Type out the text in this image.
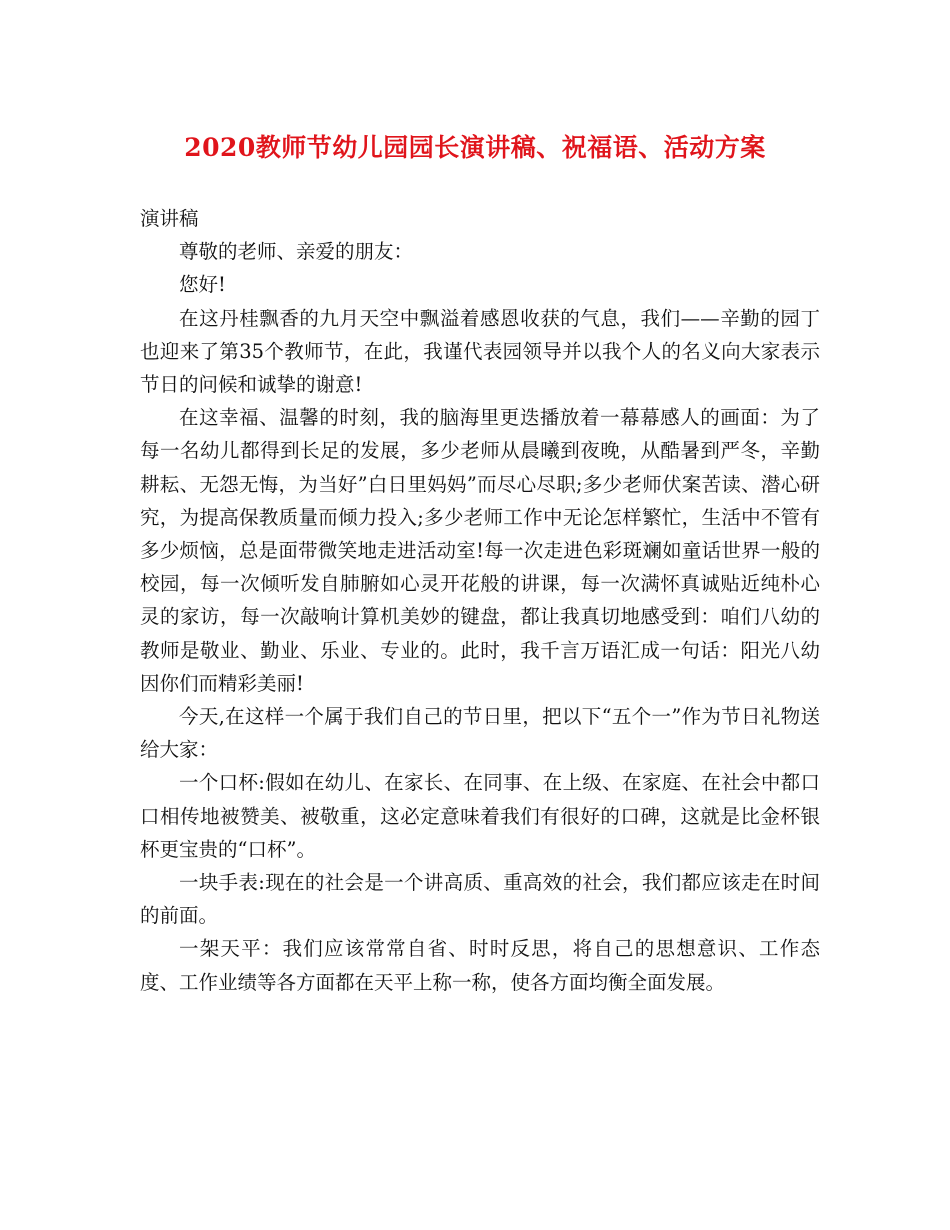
2020教师节幼儿园园长演讲稿、祝福语、活动方案

演讲稿

尊敬的老师、亲爱的朋友：

您好!

在这丹桂飘香的九月天空中飘溢着感恩收获的气息，我们——辛勤的园丁也迎来了第35个教师节，在此，我谨代表园领导并以我个人的名义向大家表示节日的问候和诚挚的谢意!

在这幸福、温馨的时刻，我的脑海里更迭播放着一幕幕感人的画面：为了每一名幼儿都得到长足的发展，多少老师从晨曦到夜晚，从酷暑到严冬，辛勤耕耘、无怨无悔，为当好”白日里妈妈”而尽心尽职;多少老师伏案苦读、潜心研究，为提高保教质量而倾力投入;多少老师工作中无论怎样繁忙，生活中不管有多少烦恼，总是面带微笑地走进活动室!每一次走进色彩斑斓如童话世界一般的校园，每一次倾听发自肺腑如心灵开花般的讲课，每一次满怀真诚贴近纯朴心灵的家访，每一次敲响计算机美妙的键盘，都让我真切地感受到：咱们八幼的教师是敬业、勤业、乐业、专业的。此时，我千言万语汇成一句话：阳光八幼因你们而精彩美丽!

今天,在这样一个属于我们自己的节日里，把以下“五个一”作为节日礼物送给大家：

一个口杯:假如在幼儿、在家长、在同事、在上级、在家庭、在社会中都口口相传地被赞美、被敬重，这必定意味着我们有很好的口碑，这就是比金杯银杯更宝贵的“口杯”。

一块手表:现在的社会是一个讲高质、重高效的社会，我们都应该走在时间的前面。

一架天平：我们应该常常自省、时时反思，将自己的思想意识、工作态度、工作业绩等各方面都在天平上称一称，使各方面均衡全面发展。
